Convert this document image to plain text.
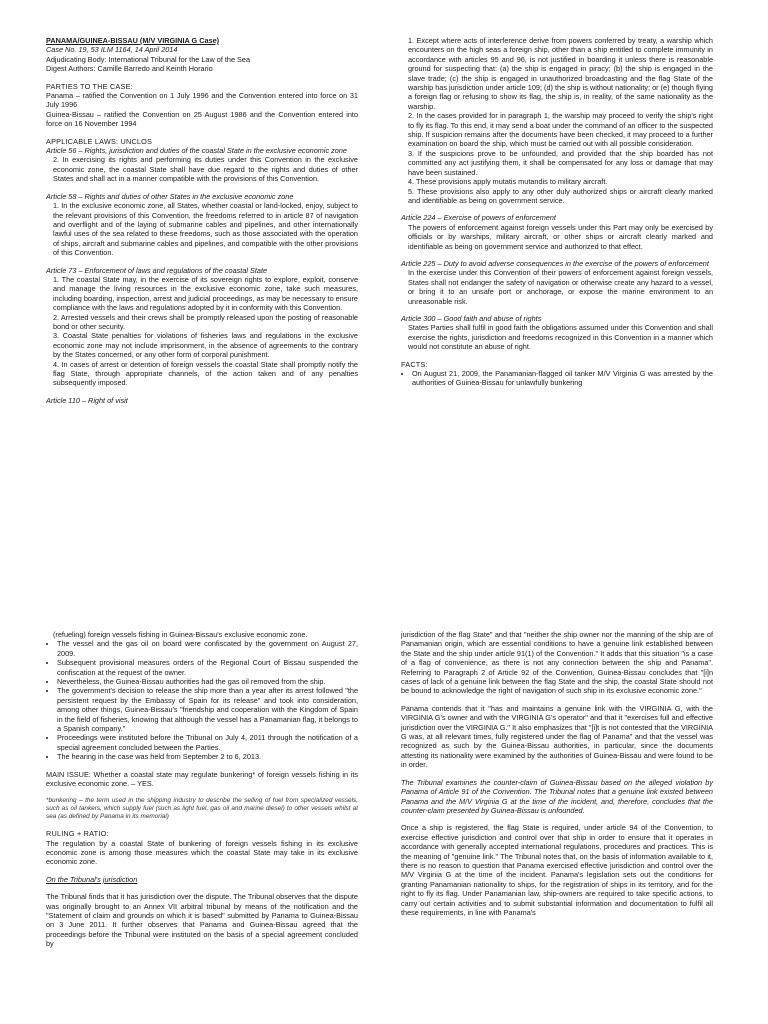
PANAMA/GUINEA-BISSAU (M/V VIRGINIA G Case)
Case No. 19, 53 ILM 1164, 14 April 2014
Adjudicating Body: International Tribunal for the Law of the Sea

Digest Authors: Camille Barredo and Keinth Horario

PARTIES TO THE CASE:
Panama – ratified the Convention on 1 July 1996 and the Convention entered into force on 31 July 1996

Guinea-Bissau – ratified the Convention on 25 August 1986 and the Convention entered into force on 16 November 1994

APPLICABLE LAWS: UNCLOS
Article 56 – Rights, jurisdiction and duties of the coastal State in the exclusive economic zone

2. In exercising its rights and performing its duties under this Convention in the exclusive economic zone, the coastal State shall have due regard to the rights and duties of other States and shall act in a manner compatible with the provisions of this Convention.

Article 58 – Rights and duties of other States in the exclusive economic zone

1. In the exclusive economic zone, all States, whether coastal or land-locked, enjoy, subject to the relevant provisions of this Convention, the freedoms referred to in article 87 of navigation and overflight and of the laying of submarine cables and pipelines, and other internationally lawful uses of the sea related to these freedoms, such as those associated with the operation of ships, aircraft and submarine cables and pipelines, and compatible with the other provisions of this Convention.

Article 73 – Enforcement of laws and regulations of the coastal State
1. The coastal State may, in the exercise of its sovereign rights to explore, exploit, conserve and manage the living resources in the exclusive economic zone, take such measures, including boarding, inspection, arrest and judicial proceedings, as may be necessary to ensure compliance with the laws and regulations adopted by it in conformity with this Convention.
2. Arrested vessels and their crews shall be promptly released upon the posting of reasonable bond or other security.
3. Coastal State penalties for violations of fisheries laws and regulations in the exclusive economic zone may not include imprisonment, in the absence of agreements to the contrary by the States concerned, or any other form of corporal punishment.
4. In cases of arrest or detention of foreign vessels the coastal State shall promptly notify the flag State, through appropriate channels, of the action taken and of any penalties subsequently imposed.
Article 110 – Right of visit
1. Except where acts of interference derive from powers conferred by treaty, a warship which encounters on the high seas a foreign ship, other than a ship entitled to complete immunity in accordance with articles 95 and 96, is not justified in boarding it unless there is reasonable ground for suspecting that: (a) the ship is engaged in piracy; (b) the ship is engaged in the slave trade; (c) the ship is engaged in unauthorized broadcasting and the flag State of the warship has jurisdiction under article 109; (d) the ship is without nationality; or (e) though flying a foreign flag or refusing to show its flag, the ship is, in reality, of the same nationality as the warship.
2. In the cases provided for in paragraph 1, the warship may proceed to verify the ship's right to fly its flag. To this end, it may send a boat under the command of an officer to the suspected ship. If suspicion remains after the documents have been checked, it may proceed to a further examination on board the ship, which must be carried out with all possible consideration.
3. If the suspicions prove to be unfounded, and provided that the ship boarded has not committed any act justifying them, it shall be compensated for any loss or damage that may have been sustained.
4. These provisions apply mutatis mutandis to military aircraft.
5. These provisions also apply to any other duly authorized ships or aircraft clearly marked and identifiable as being on government service.
Article 224 – Exercise of powers of enforcement

The powers of enforcement against foreign vessels under this Part may only be exercised by officials or by warships, military aircraft, or other ships or aircraft clearly marked and identifiable as being on government service and authorized to that effect.

Article 225 – Duty to avoid adverse consequences in the exercise of the powers of enforcement

In the exercise under this Convention of their powers of enforcement against foreign vessels, States shall not endanger the safety of navigation or otherwise create any hazard to a vessel, or bring it to an unsafe port or anchorage, or expose the marine environment to an unreasonable risk.

Article 300 – Good faith and abuse of rights

States Parties shall fulfil in good faith the obligations assumed under this Convention and shall exercise the rights, jurisdiction and freedoms recognized in this Convention in a manner which would not constitute an abuse of right.

FACTS:
• On August 21, 2009, the Panamanian-flagged oil tanker M/V Virginia G was arrested by the authorities of Guinea-Bissau for unlawfully bunkering

(refueling) foreign vessels fishing in Guinea-Bissau's exclusive economic zone.

• The vessel and the gas oil on board were confiscated by the government on August 27, 2009.
• Subsequent provisional measures orders of the Regional Court of Bissau suspended the confiscation at the request of the owner.
• Nevertheless, the Guinea-Bissau authorities had the gas oil removed from the ship.
• The government's decision to release the ship more than a year after its arrest followed "the persistent request by the Embassy of Spain for its release" and took into consideration, among other things, Guinea-Bissau's "friendship and cooperation with the Kingdom of Spain in the field of fisheries, knowing that although the vessel has a Panamanian flag, it belongs to a Spanish company."
• Proceedings were instituted before the Tribunal on July 4, 2011 through the notification of a special agreement concluded between the Parties.
• The hearing in the case was held from September 2 to 6, 2013.

MAIN ISSUE: Whether a coastal state may regulate bunkering* of foreign vessels fishing in its exclusive economic zone. – YES.

*bunkering – the term used in the shipping industry to describe the selling of fuel from specialized vessels, such as oil tankers, which supply fuel (such as light fuel, gas oil and marine diesel) to other vessels whilst at sea (as defined by Panama in its memorial)

RULING + RATIO:

The regulation by a coastal State of bunkering of foreign vessels fishing in its exclusive economic zone is among those measures which the coastal State may take in its exclusive economic zone.

On the Tribunal's jurisdiction

The Tribunal finds that it has jurisdiction over the dispute. The Tribunal observes that the dispute was originally brought to an Annex VII arbitral tribunal by means of the notification and the "Statement of claim and grounds on which it is based" submitted by Panama to Guinea-Bissau on 3 June 2011. It further observes that Panama and Guinea-Bissau agreed that the proceedings before the Tribunal were instituted on the basis of a special agreement concluded by

jurisdiction of the flag State" and that "neither the ship owner nor the manning of the ship are of Panamanian origin, which are essential conditions to have a genuine link established between the State and the ship under article 91(1) of the Convention." It adds that this situation "is a case of a flag of convenience, as there is not any connection between the ship and Panama". Referring to Paragraph 2 of Article 92 of the Convention, Guinea-Bissau concludes that "[i]n cases of lack of a genuine link between the flag State and the ship, the coastal State should not be bound to acknowledge the right of navigation of such ship in its exclusive economic zone."

Panama contends that it "has and maintains a genuine link with the VIRGINIA G, with the VIRGINIA G's owner and with the VIRGINIA G's operator" and that it "exercises full and effective jurisdiction over the VIRGINIA G." It also emphasizes that "[i]t is not contested that the VIRGINIA G was, at all relevant times, fully registered under the flag of Panama" and that the vessel was recognized as such by the Guinea-Bissau authorities, in particular, since the documents attesting its nationality were examined by the authorities of Guinea-Bissau and were found to be in order.

The Tribunal examines the counter-claim of Guinea-Bissau based on the alleged violation by Panama of Article 91 of the Convention. The Tribunal notes that a genuine link existed between Panama and the M/V Virginia G at the time of the incident, and, therefore, concludes that the counter-claim presented by Guinea-Bissau is unfounded.

Once a ship is registered, the flag State is required, under article 94 of the Convention, to exercise effective jurisdiction and control over that ship in order to ensure that it operates in accordance with generally accepted international regulations, procedures and practices. This is the meaning of "genuine link." The Tribunal notes that, on the basis of information available to it, there is no reason to question that Panama exercised effective jurisdiction and control over the M/V Virginia G at the time of the incident. Panama's legislation sets out the conditions for granting Panamanian nationality to ships, for the registration of ships in its territory, and for the right to fly its flag. Under Panamanian law, ship-owners are required to take specific actions, to carry out certain activities and to submit substantial information and documentation to fulfil all these requirements, in line with Panama's
